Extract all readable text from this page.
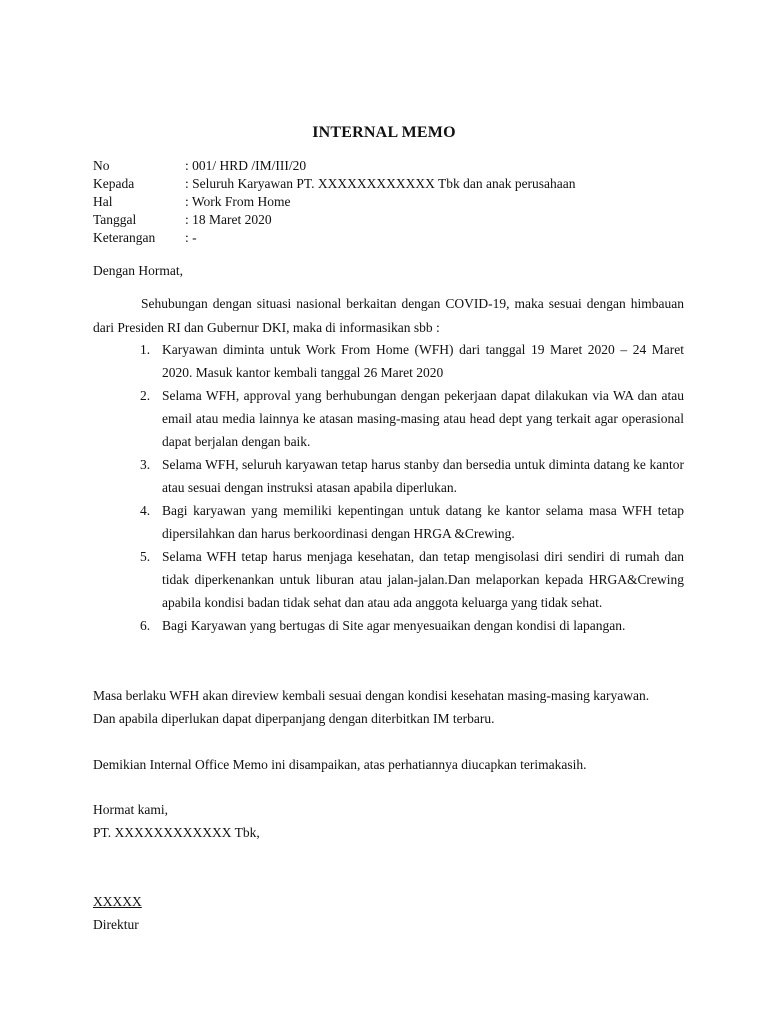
INTERNAL MEMO
No	: 001/ HRD /IM/III/20
Kepada	: Seluruh Karyawan PT. XXXXXXXXXXXX Tbk dan anak perusahaan
Hal	: Work From Home
Tanggal	: 18 Maret 2020
Keterangan	: -
Dengan Hormat,

Sehubungan dengan situasi nasional berkaitan dengan COVID-19, maka sesuai dengan himbauan dari Presiden RI dan Gubernur DKI, maka di informasikan sbb :

1. Karyawan diminta untuk Work From Home (WFH) dari tanggal 19 Maret 2020 – 24 Maret 2020. Masuk kantor kembali tanggal 26 Maret 2020
2. Selama WFH, approval yang berhubungan dengan pekerjaan dapat dilakukan via WA dan atau email atau media lainnya ke atasan masing-masing atau head dept yang terkait agar operasional dapat berjalan dengan baik.
3. Selama WFH, seluruh karyawan tetap harus stanby dan bersedia untuk diminta datang ke kantor atau sesuai dengan instruksi atasan apabila diperlukan.
4. Bagi karyawan yang memiliki kepentingan untuk datang ke kantor selama masa WFH tetap dipersilahkan dan harus berkoordinasi dengan HRGA &Crewing.
5. Selama WFH tetap harus menjaga kesehatan, dan tetap mengisolasi diri sendiri di rumah dan tidak diperkenankan untuk liburan atau jalan-jalan.Dan melaporkan kepada HRGA&Crewing apabila kondisi badan tidak sehat dan atau ada anggota keluarga yang tidak sehat.
6. Bagi Karyawan yang bertugas di Site agar menyesuaikan dengan kondisi di lapangan.
Masa berlaku WFH akan direview kembali sesuai dengan kondisi kesehatan masing-masing karyawan.
Dan apabila diperlukan dapat diperpanjang dengan diterbitkan IM terbaru.
Demikian Internal Office Memo ini disampaikan, atas perhatiannya diucapkan terimakasih.
Hormat kami,
PT. XXXXXXXXXXXX Tbk,
XXXXX
Direktur
